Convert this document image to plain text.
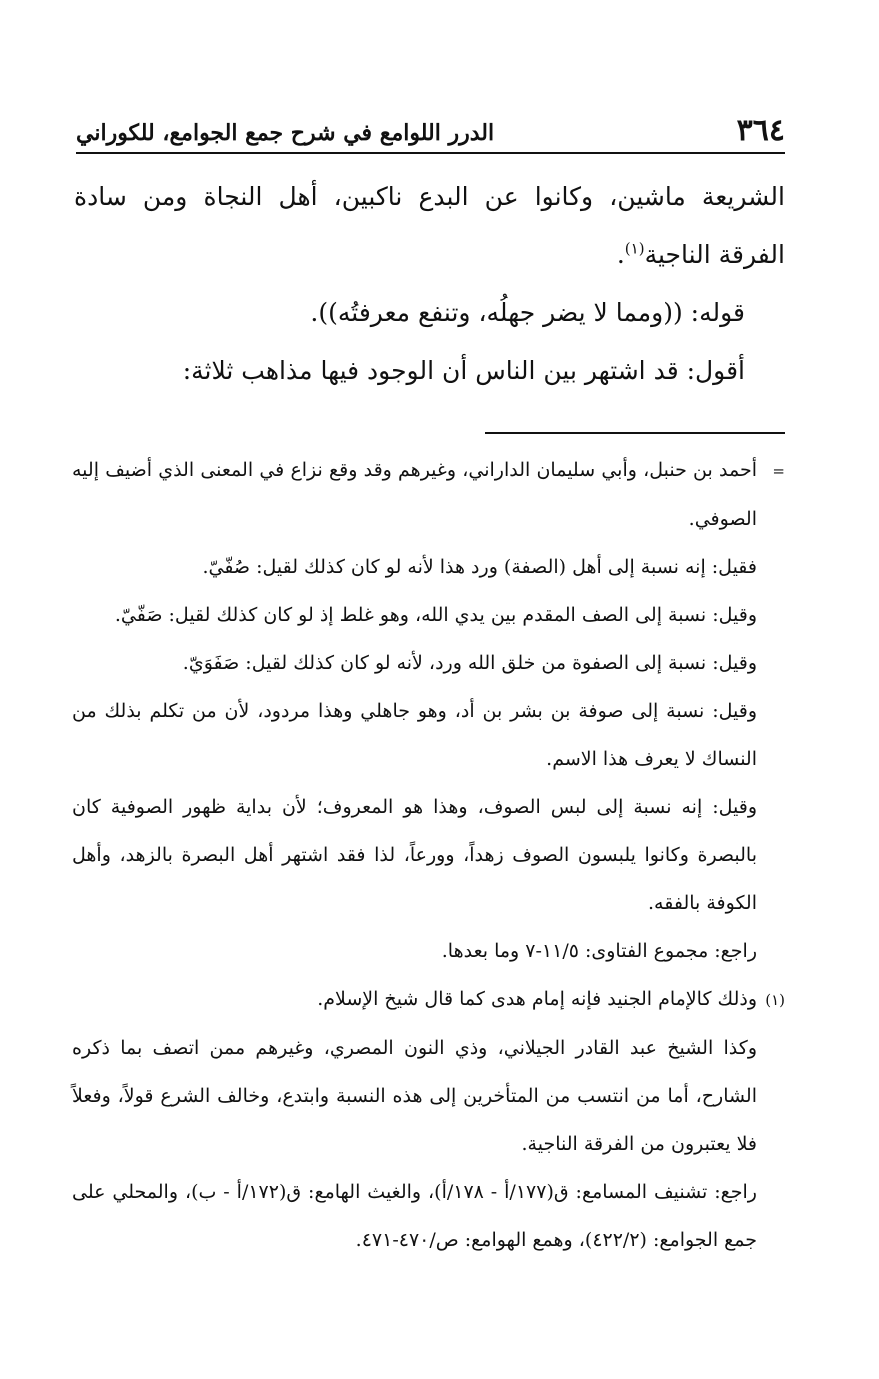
٣٦٤
الدرر اللوامع في شرح جمع الجوامع، للكوراني

الشريعة ماشين، وكانوا عن البدع ناكبين، أهل النجاة ومن سادة الفرقة الناجية$^{(١)}$.

قوله: ((ومما لا يضر جهلُه، وتنفع معرفتُه)).

أقول: قد اشتهر بين الناس أن الوجود فيها مذاهب ثلاثة:

=أحمد بن حنبل، وأبي سليمان الداراني، وغيرهم وقد وقع نزاع في المعنى الذي أضيف إليه الصوفي.

فقيل: إنه نسبة إلى أهل (الصفة) ورد هذا لأنه لو كان كذلك لقيل: صُفّيّ.

وقيل: نسبة إلى الصف المقدم بين يدي الله، وهو غلط إذ لو كان كذلك لقيل: صَفّيّ.

وقيل: نسبة إلى الصفوة من خلق الله ورد، لأنه لو كان كذلك لقيل: صَفَوَيّ.

وقيل: نسبة إلى صوفة بن بشر بن أد، وهو جاهلي وهذا مردود، لأن من تكلم بذلك من النساك لا يعرف هذا الاسم.

وقيل: إنه نسبة إلى لبس الصوف، وهذا هو المعروف؛ لأن بداية ظهور الصوفية كان بالبصرة وكانوا يلبسون الصوف زهداً، وورعاً، لذا فقد اشتهر أهل البصرة بالزهد، وأهل الكوفة بالفقه.

راجع: مجموع الفتاوى: ١١/٥-٧ وما بعدها.

(١)وذلك كالإمام الجنيد فإنه إمام هدى كما قال شيخ الإسلام.

وكذا الشيخ عبد القادر الجيلاني، وذي النون المصري، وغيرهم ممن اتصف بما ذكره الشارح، أما من انتسب من المتأخرين إلى هذه النسبة وابتدع، وخالف الشرع قولاً، وفعلاً فلا يعتبرون من الفرقة الناجية.

راجع: تشنيف المسامع: ق(١٧٧/أ - ١٧٨/أ)، والغيث الهامع: ق(١٧٢/أ - ب)، والمحلي على جمع الجوامع: (٤٢٢/٢)، وهمع الهوامع: ص/٤٧٠-٤٧١.
